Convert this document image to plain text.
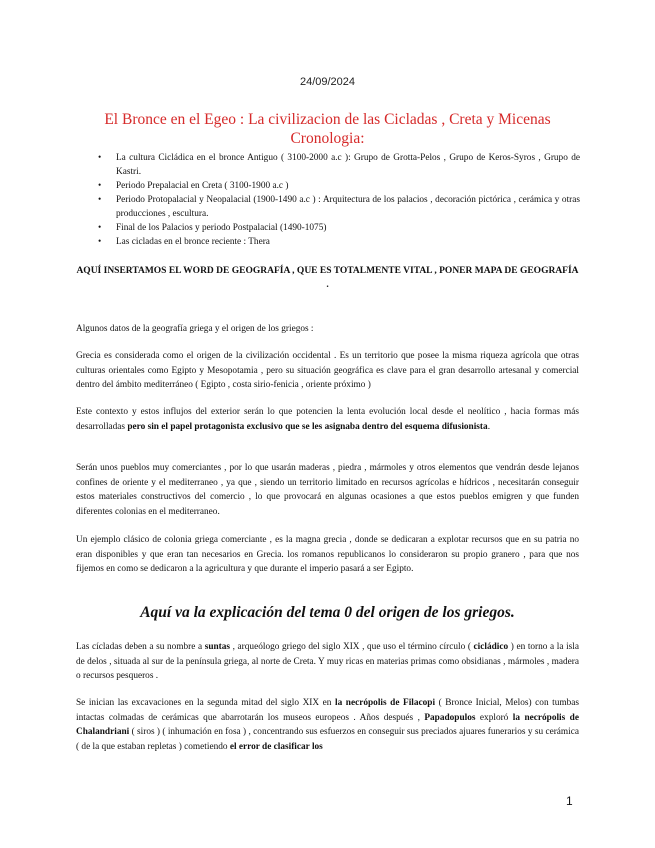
24/09/2024
El Bronce en el Egeo : La civilizacion de las Cicladas , Creta y Micenas
Cronologia:
• La cultura Cicládica en el bronce Antiguo ( 3100-2000 a.c ): Grupo de Grotta-Pelos , Grupo de Keros-Syros , Grupo de Kastri.
• Periodo Prepalacial en Creta ( 3100-1900 a.c )
• Periodo Protopalacial y Neopalacial (1900-1490 a.c ) : Arquitectura de los palacios , decoración pictórica , cerámica y otras producciones , escultura.
• Final de los Palacios y periodo Postpalacial (1490-1075)
• Las cicladas en el bronce reciente : Thera
AQUÍ INSERTAMOS EL WORD DE GEOGRAFÍA , QUE ES TOTALMENTE VITAL , PONER MAPA DE GEOGRAFÍA .

Algunos datos de la geografía griega y el origen de los griegos :

Grecia es considerada como el origen de la civilización occidental . Es un territorio que posee la misma riqueza agrícola que otras culturas orientales como Egipto y Mesopotamia , pero su situación geográfica es clave para el gran desarrollo artesanal y comercial dentro del ámbito mediterráneo ( Egipto , costa sirio-fenicia , oriente próximo )

Este contexto y estos influjos del exterior serán lo que potencien la lenta evolución local desde el neolítico , hacia formas más desarrolladas pero sin el papel protagonista exclusivo que se les asignaba dentro del esquema difusionista.

Serán unos pueblos muy comerciantes , por lo que usarán maderas , piedra , mármoles y otros elementos que vendrán desde lejanos confines de oriente y el mediterraneo , ya que , siendo un territorio limitado en recursos agrícolas e hídricos , necesitarán conseguir estos materiales constructivos del comercio , lo que provocará en algunas ocasiones a que estos pueblos emigren y que funden diferentes colonias en el mediterraneo.

Un ejemplo clásico de colonia griega comerciante , es la magna grecia , donde se dedicaran a explotar recursos que en su patria no eran disponibles y que eran tan necesarios en Grecia. los romanos republicanos lo consideraron su propio granero , para que nos fijemos en como se dedicaron a la agricultura y que durante el imperio pasará a ser Egipto.

Aquí va la explicación del tema 0 del origen de los griegos.

Las cícladas deben a su nombre a suntas , arqueólogo griego del siglo XIX , que uso el término círculo ( cicládico ) en torno a la isla de delos , situada al sur de la península griega, al norte de Creta. Y muy ricas en materias primas como obsidianas , mármoles , madera o recursos pesqueros .

Se inician las excavaciones en la segunda mitad del siglo XIX en la necrópolis de Filacopi ( Bronce Inicial, Melos) con tumbas intactas colmadas de cerámicas que abarrotarán los museos europeos . Años después , Papadopulos exploró la necrópolis de Chalandriani ( siros ) ( inhumación en fosa ) , concentrando sus esfuerzos en conseguir sus preciados ajuares funerarios y su cerámica ( de la que estaban repletas ) cometiendo el error de clasificar los

1
